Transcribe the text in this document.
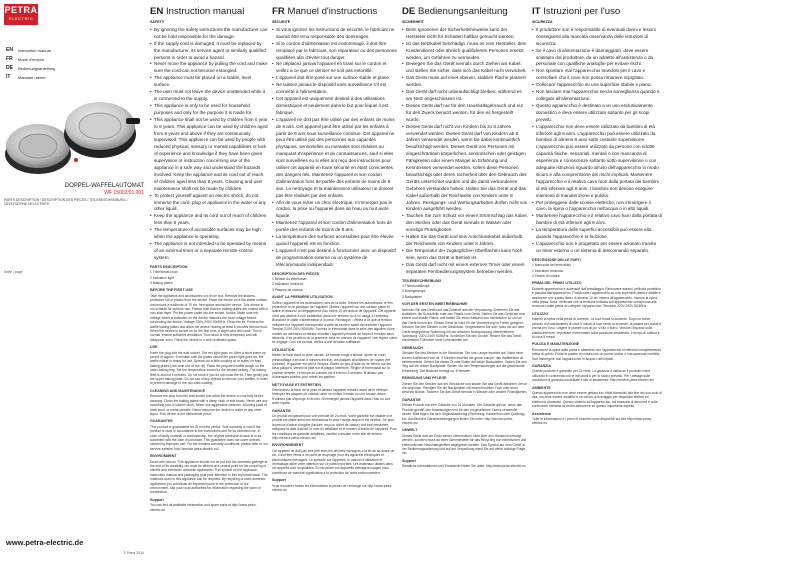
PETRA
ELECTRIC
EN	Instruction manual
FR	Mode d'emploi
DE	Bedienungsanleitung
IT	Manuale utente
DOPPEL-WAFFELAUTOMAT
WF 15002/01.001
PARTS DESCRIPTION / DESCRIPTION DES PIÈCES / TEILEBESCHREIBUNG / DESCRIZIONE DELLE PARTI
Seite / page
www.petra-electric.de
© Petra 2014
EN Instruction manual
SAFETY
• By ignoring the safety instructions the manufacturer can not be hold responsible for the damage.
• If the supply cord is damaged, it must be replaced by the manufacturer, its service agent or similarly qualified persons in order to avoid a hazard.
• Never move the appliance by pulling the cord and make sure the cord can not become entangled.
• The appliance must be placed on a stable, level surface.
• The user must not leave the device unattended while it is connected to the supply.
• This appliance is only to be used for household purposes and only for the purpose it is made for.
• This appliance shall not be used by children from 0 year to 8 years. This appliance can be used by children aged from 8 years and above if they are continuously supervised. This appliance can be used by people with reduced physical, sensory or mental capabilities or lack of experience and knowledge if they have been given supervision or instruction concerning use of the appliance in a safe way and understand the hazards involved. Keep the appliance and its cord out of reach of children aged less than 8 years. Cleaning and user maintenance shall not be made by children.
• To protect yourself against an electric shock, do not immerse the cord, plug or appliance in the water or any other liquid.
• Keep the appliance and its cord out of reach of children less than 8 years.
• The temperature of accessible surfaces may be high when the appliance is operating.
• The appliance is not intended to be operated by means of an external timer or a separate remote-control system.
PARTS DESCRIPTION

1 Thermostat knob

2 Indication light

3 Baking plates

BEFORE THE FIRST USE

Take the appliance and accessories out of the box. Remove the stickers, protective foil or plastic from the device. Place the device on a flat stable surface and ensure a minimum of 10 cm. free space around the device. This device is not suitable for outdoor use. Please note that the baking plates are coated with a non-stick layer. Put the power cable into the socket. Notice: Make sure the voltage which is indicated on the device matches the local voltage before connecting the device. Voltage 220V-240V 50/60Hz. Close the lid. Preheat the waffle baking plates and allow the device heating at least 5 minutes without food. When the device is turned on for the first time, a slight odor will come. This is normal, ensure sufficient ventilation. This odour is only temporary and will disappear soon. Place the device in a well ventilated space.

USE

Insert the plug into the wall socket. The red light goes on. After a short warm up period of approx. 5 minutes until the plates closed the green light goes on, the waffle maker is ready for use. Spread out a little cooking oil or butter on both baking plates (one-time use of the oil). Place the prepared waffle dough on the lower baking tray. Set the temperature control to the desired setting. The baking time is around 5 minutes. Do not force if you do not close the lid. Then gently pull the upper baking plate. Do not use sharp objects to remove your waffles, in order to prevent damage to the non-stick coating.

CLEANING AND MAINTENANCE

Remove the plug from the wall socket and allow the device to cool fully before cleaning. Clean the baking plates with a damp cloth or soft brush. Never use any scrubbing pad or kitchen cloth. Never use aggressive cleaners, scouring pads or steel wool, or metal utensils. Never immerse the device in water or any other liquid. This device is not dishwasher proof.

GUARANTEE

This product is guaranteed for 24 months period. Your warranty is void if the product is used in accordance to the instructions and for its intended use. In case of faulty material or workmanship, the original purchase invoice is to be submitted with the date of purchase. This guarantee does not cover defects caused by improper use. For the detailed warranty conditions, please refer to our service website: http://service.petra-electric.eu/

ENVIRONMENT

Dead with narrow: This appliance should not be put into the domestic garbage at the end of its durability, but must be offered at a central point for the recycling of electric and electronic domestic appliances. This symbol on the appliance, instruction manual and packaging puts your attention to this important issue. The materials used in this appliance can be recycled. By recycling of used domestic appliances you contribute an important push to the protection of our environment. Ask your local authorities for information regarding the point of recollection.

Support

You can find all available information and spare parts at http://www.petra-electric.eu

FR Manuel d'instructions
SÉCURITÉ
• Si vous ignorez les instructions de sécurité, le fabricant ne saurait être tenu responsable des dommages.
• Si le cordon d'alimentation est endommagé, il doit être remplacé par le fabricant, son réparateur ou des personnes qualifiées afin d'éviter tout danger.
• Ne déplacez jamais l'appareil en tirant sur le cordon et veillez à ce que ce dernier ne soit pas entortillé.
• L'appareil doit être posé sur une surface stable et plane.
• Ne laissez jamais le dispositif sans surveillance s'il est connecté à l'alimentation.
• Cet appareil est uniquement destiné à des utilisations domestiques et seulement dans le but pour lequel il est fabriqué.
• L'appareil ne doit pas être utilisé par des enfants de moins de 8 ans. Cet appareil peut être utilisé par les enfants à partir de 8 ans sous surveillance continue. Cet appareil ne peut être utilisé par des personnes aux capacités physiques, sensorielles ou mentales sont réduites ou manquant d'expérience et de connaissances, sauf si elles sont surveillées ou si elles ont reçu des instructions pour utiliser cet appareil en toute sécurité en étant conscientes des dangers liés. Maintenez l'appareil et son cordon d'alimentation hors de portée des enfants de moins de 8 ans. Le nettoyage et la maintenance utilisateur ne doivent pas être réalisés par des enfants.
• Afin de vous éviter un choc électrique, n'immergez pas le cordon, la prise ou l'appareil dans de l'eau ou tout autre liquide.
• Maintenez l'appareil et son cordon d'alimentation hors de portée des enfants de moins de 8 ans.
• La température des surfaces accessibles peut être élevée quand l'appareil est en fonction.
• L'appareil n'est pas destiné à fonctionner avec un dispositif de programmation externe ou un système de télécommande indépendant.
DESCRIPTION DES PIÈCES

1 Bouton du thermostat

2 Indicateur lumineux

3 Plaques de cuisson

AVANT LA PREMIÈRE UTILISATION

Sortez l'appareil et les accessoires hors de la boîte. Retirez les autocollants, le film protecteur ou le plastique de l'appareil. Mettez l'appareil sur une surface plane et stable et assurez un dégagement d'au moins 10 cm autour de l'appareil. Cet appareil n'est pas destiné à une installation dans une armoire ou à un usage à l'extérieur. Branchez le câble d'alimentation à la prise. Remarque : Veillez à ce que la tension indiquée sur l'appareil corresponde à celle du secteur avant de brancher l'appareil. Tension 220V-240V 50/60Hz. Tournez le thermostat dans le sens des aiguilles d'une montre au maximum et laissez chauffer l'appareil pendant au moins 5 minutes sans aliments. Il se peut/lors de la première mise en marche de l'appareil, une légère odeur se dégage. Ceci est normal, veillez à une aération suffisante.

UTILISATION

Mettez la fiche dans la prise murale. Le témoin rouge s'allume. Après un court préchauffage d'environ 5 minutes environ, les plaques chauffantes (le voyant vert s'allume), le gaufrier est prêt à l'emploi. Étalez un peu d'huile ou de beurre sur les deux plaques. Versez la pâte sur la plaque inférieure. Réglez le thermostat sur la position désirée. Le temps de cuisson est d'environ 5 minutes. N'utilisez pas d'ustensiles pointus pour retirer les gaufres.

NETTOYAGE ET ENTRETIEN

Débranchez la fiche de la prise et laissez l'appareil refroidir avant de le nettoyer. Nettoyez les plaques de cuisson avec un chiffon humide ou une brosse douce. N'utilisez pas d'éponge à récurer. N'immergez jamais l'appareil dans l'eau ou tout autre liquide.

GARANTIE

Ce produit est garanti pour une période de 24 mois. Votre garantie est valable si le produit est utilisé selon les instructions et pour l'usage auquel il est destiné. De plus, la preuve d'achat d'origine (facture, reçu ou ticket de caisse) doit être présentée, indiquant la date d'achat, le nom du détaillant et le numéro d'article de l'appareil. Pour les conditions de garantie détaillées, veuillez consulter notre site de service : http://service.petra-electric.eu/

ENVIRONNEMENT

Cet appareil ne doit pas être jeté avec les déchets ménagers à la fin de sa durée de vie, il doit être remis à un point de recyclage pour les appareils électriques et électroniques ménagers. Le symbole sur l'appareil, le manuel d'utilisation et l'emballage attire votre attention sur ce point important. Les matériaux utilisés dans cet appareil sont recyclables. En recyclant vos appareils ménagers usagés vous contribuez de manière significative à la protection de notre environnement.

Support

Vous trouverez toutes les informations et pièces de rechange sur http://www.petra-electric.eu

DE Bedienungsanleitung
SICHERHEIT
• Beim Ignorieren der Sicherheitshinweise kann der Hersteller nicht für Schäden haftbar gemacht werden.
• Ist das Netzkabel beschädigt, muss es vom Hersteller, dem Kundendienst oder ähnlich qualifizierten Personen ersetzt werden, um Gefahren zu vermeiden.
• Bewegen Sie das Gerät niemals durch Ziehen am Kabel, und stellen Sie sicher, dass sich das Kabel nicht verwickelt.
• Das Gerät muss auf einer ebenen, stabilen Fläche platziert werden.
• Das Gerät darf nicht unbeaufsichtigt bleiben, während es am Netz angeschlossen ist.
• Dieses Gerät darf nur für den Haushaltsgebrauch und nur für den Zweck benutzt werden, für den es hergestellt wurde.
• Dieses Gerät darf nicht von Kindern bis zu 8 Jahren verwendet werden. Dieses Gerät darf von Kindern ab 8 Jahren verwendet werden, wenn sie dabei kontinuierlich beaufsichtigt werden. Dieses Gerät von Personen mit eingeschränkten körperlichen, sensorischen oder geistigen Fähigkeiten oder einem Mangel an Erfahrung und Kenntnissen verwendet werden, sofern diese Personen beaufsichtigt oder deren Sicherheit über den Gebrauch des Geräts unterrichtet wurden und die damit verbundenen Gefahren verstanden haben. Halten Sie das Gerät und das Kabel außerhalb der Reichweite von Kindern unter 8 Jahren. Reinigungs- und Wartungsarbeiten dürfen nicht von Kindern ausgeführt werden.
• Tauchen Sie zum Schutz vor einem Stromschlag das Kabel, den Stecker oder das Gerät niemals in Wasser oder sonstige Flüssigkeiten.
• Halten Sie das Gerät und sein Anschlusskabel außerhalb der Reichweite von Kindern unter 8 Jahren.
• Die Temperatur der zugänglichen Oberflächen kann hoch sein, wenn das Gerät in Betrieb ist.
• Das Gerät darf nicht mit einem externen Timer oder einem separaten Fernbedienungssystem betrieben werden.
TEILEBESCHREIBUNG

1 Thermostatknopf

2 Anzeigelampe

3 Backplatten

VOR DER ERSTEN INBETRIEBNAHME

Nehmen Sie das Gerät und das Zubehör aus der Verpackung. Entfernen Sie alle Aufkleber, die Schutzfolie oder das Plastik vom Gerät. Stellen Sie das Gerät auf eine ebene und stabile Fläche und halten Sie einen Abstand von mindestens 10 cm um das Gerät herum ein. Dieses Gerät ist nicht für die Verwendung im Freien geeignet. Stecken Sie den Stecker in die Steckdose. Vergewissern Sie sich, dass die auf dem Gerät angegebene Spannung mit der örtlichen Netzspannung übereinstimmt. Spannung: 220V-240V 50/60Hz. Schließen Sie den Deckel. Heizen Sie das Gerät mindestens 5 Minuten ohne Lebensmittel auf.

GEBRAUCH

Stecken Sie den Stecker in die Steckdose. Die rote Lampe leuchtet auf. Nach einer kurzen Aufheizzeit von ca. 5 Minuten leuchtet die grüne Lampe, das Waffeleisen ist betriebsbereit. Geben Sie etwas Öl oder Butter auf beide Backplatten. Geben Sie den Teig auf die untere Backplatte. Stellen Sie den Temperaturregler auf die gewünschte Einstellung. Die Backzeit beträgt ca. 5 Minuten.

REINIGUNG UND PFLEGE

Ziehen Sie den Stecker aus der Steckdose und lassen Sie das Gerät abkühlen, bevor Sie beginnen. Reinigen Sie die Backplatten mit einem feuchten Tuch oder einer weichen Bürste. Tauchen Sie das Gerät niemals in Wasser oder andere Flüssigkeiten.

GARANTIE

Dieses Produkt hat eine Garantie von 24 Monaten. Die Garantie gilt nur, wenn das Produkt gemäß den Anweisungen und für den vorgesehenen Zweck verwendet wurde. Bitte fügen Sie den Originalkaufbeleg (Rechnung, Kassenbon oder Quittung) bei. Ausführliche Garantiebedingungen finden Sie unter: http://service.petra-electric.eu/

UMWELT

Dieses Gerät darf am Ende seiner Lebensdauer nicht über den Hausmüll entsorgt werden, sondern muss an einer Sammelstelle für das Recycling von elektrischen und elektronischen Haushaltsgeräten abgegeben werden. Das Symbol auf dem Gerät, in der Bedienungsanleitung und auf der Verpackung weist Sie auf diese wichtige Frage hin.

Support

Sämtliche Informationen und Ersatzteile finden Sie unter: http://www.petra-electric.eu

IT Istruzioni per l'uso
SICUREZZA
• Il produttore non è responsabile di eventuali danni e lesioni conseguenti alla mancata osservanza delle istruzioni di sicurezza.
• Se il cavo di alimentazione è danneggiato, deve essere sostituito dal produttore, da un addetto all'assistenza o da personale con qualifiche analoghe per evitare rischi.
• Non spostare mai l'apparecchio tirandolo per il cavo e controllare che il cavo non possa rimanere impigliato.
• Collocare l'apparecchio su una superficie stabile e piana.
• Non lasciare mai l'apparecchio senza sorveglianza quando è collegato all'alimentazione.
• Questo apparecchio è destinato a un uso esclusivamente domestico e deve essere utilizzato soltanto per gli scopi previsti.
• L'apparecchio non deve essere utilizzato da bambini di età inferiore agli 8 anni. L'apparecchio può essere utilizzato da bambini di almeno 8 anni sotto costante supervisione. L'apparecchio può essere utilizzato da persone con ridotte capacità fisiche, sensoriali, mentali o con mancanza di esperienza e conoscenze soltanto sotto supervisione o con adeguate istruzioni riguardo all'uso dell'apparecchio in modo sicuro e alla comprensione dei rischi implicati. Mantenere l'apparecchio e il relativo cavo fuori dalla portata dei bambini di età inferiore agli 8 anni. I bambini non devono eseguire interventi di manutenzione e pulizia.
• Per proteggersi dalle scosse elettriche, non immergere il cavo, la spina o l'apparecchio nell'acqua o in altri liquidi.
• Mantenere l'apparecchio e il relativo cavo fuori dalla portata di bambini di età inferiore agli 8 anni.
• La temperatura delle superfici accessibili può essere alta quando l'apparecchio è in funzione.
• L'apparecchio non è progettato per essere azionato tramite un timer esterno o un sistema di telecomando separato.
DESCRIZIONE DELLE PARTI

1 Manopola del termostato

2 Indicatore luminoso

3 Piastre di cottura

PRIMA DEL PRIMO UTILIZZO

Estrarre apparecchio e accessori dall'imballaggio. Rimuovere adesivi, pellicola protettiva e plastica dall'apparecchio. Posizionare l'apparecchio su una superficie piana e stabile e assicurare uno spazio libero di almeno 10 cm intorno all'apparecchio. Inserire la spina nella presa. Nota: Verificare che la tensione indicata sull'apparecchio corrisponda alla tensione locale prima di collegare l'apparecchio. Tensione 220V-240V 50/60Hz.

UTILIZZO

Inserire la spina nella presa di corrente. La luce rossa si accende. Dopo un breve periodo di riscaldamento di circa 5 minuti la luce verde si accende, la piastra per cialde è pronta per l'uso. Ungere le piastre con un po' d'olio o burro. Versare l'impasto sulla piastra inferiore. Impostare il termostato sulla posizione desiderata. Il tempo di cottura è di circa 5 minuti.

PULIZIA E MANUTENZIONE

Rimuovere la spina dalla presa e attendere che l'apparecchio si raffreddi completamente prima di pulirlo. Pulire le piastre di cottura con un panno umido o una spazzola morbida. Non immergere mai l'apparecchio in acqua o altri liquidi.

GARANZIA

Questo prodotto è garantito per 24 mesi. La garanzia è valida se il prodotto viene utilizzato in conformità con le istruzioni e per lo scopo previsto. Per i dettagli sulle condizioni di garanzia consultare il sito di assistenza: http://service.petra-electric.eu/

AMBIENTE

Questo apparecchio non deve essere gettato tra i rifiuti domestici alla fine del suo ciclo di vita, ma deve essere smaltito in un centro di riciclaggio per dispositivi elettrici ed elettronici domestici. Questo simbolo sull'apparecchio, sul manuale di istruzioni e sulla confezione richiama la vostra attenzione su questo importante aspetto.

Assistenza

Tutte le informazioni e i pezzi di ricambio sono disponibili sul sito http://www.petra-electric.eu
